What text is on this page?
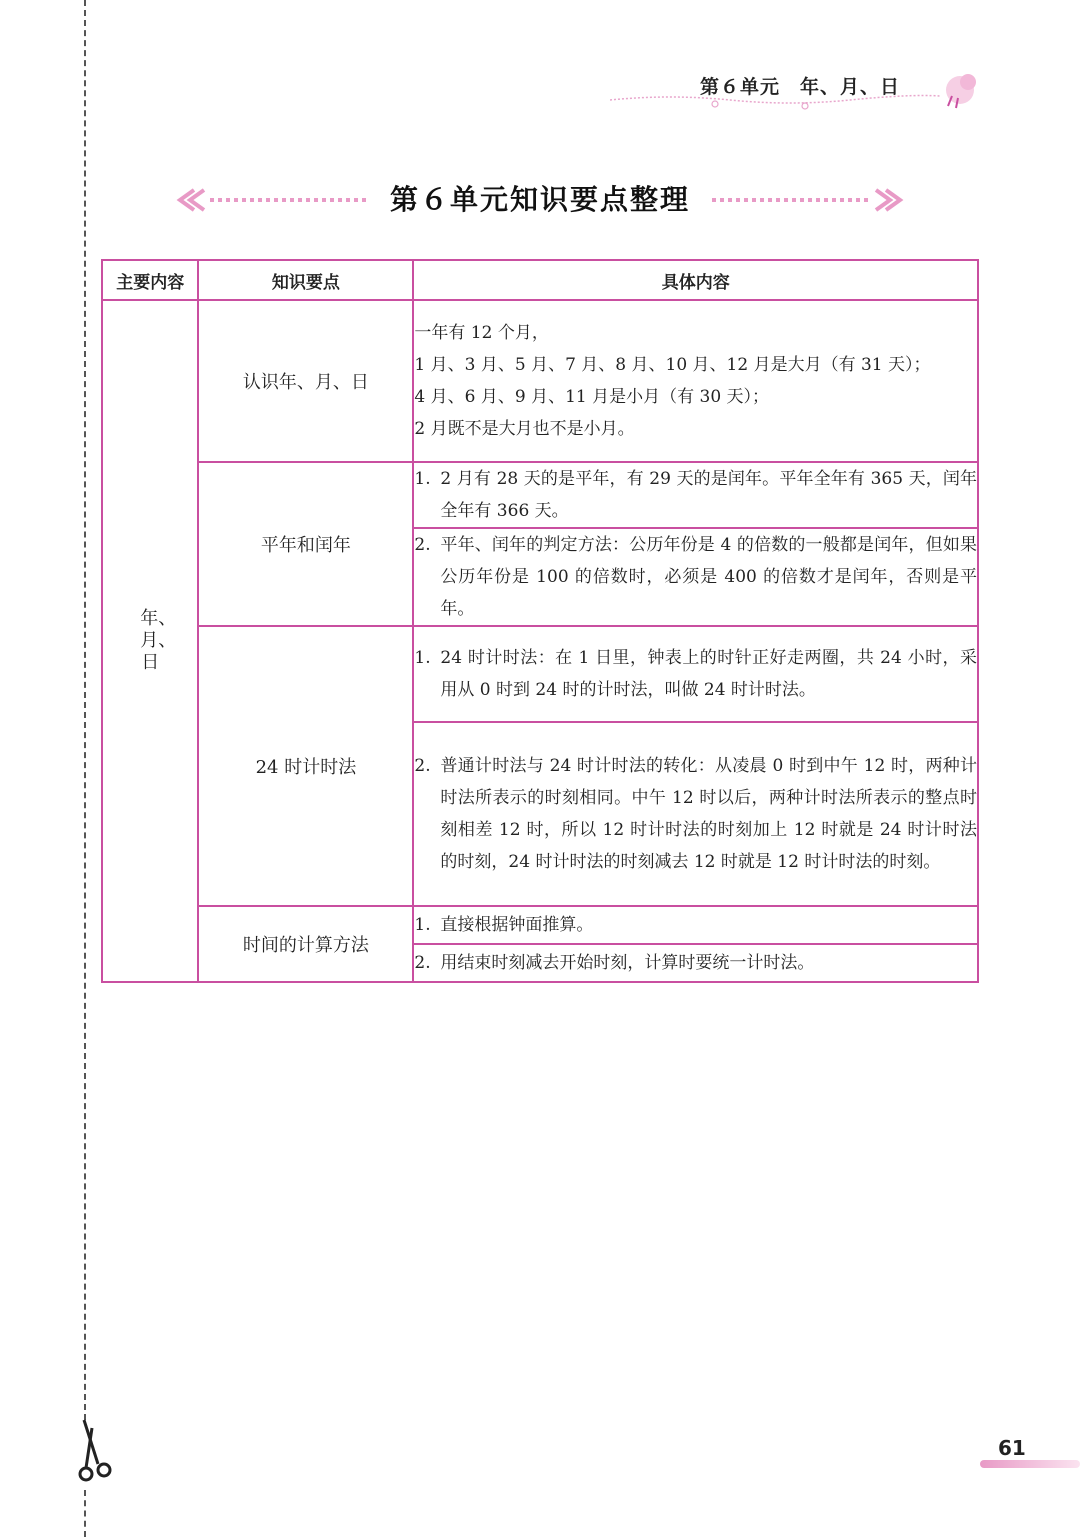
第６单元　年、月、日
第６单元知识要点整理
主要内容	知识要点	具体内容
年、月、日	认识年、月、日	一年有 12 个月，
1 月、3 月、5 月、7 月、8 月、10 月、12 月是大月（有 31 天）；
4 月、6 月、9 月、11 月是小月（有 30 天）；
2 月既不是大月也不是小月。

	平年和闰年	1. 2 月有 28 天的是平年，有 29 天的是闰年。平年全年有 365 天，闰年全年有 366 天。

		2. 平年、闰年的判定方法：公历年份是 4 的倍数的一般都是闰年，但如果公历年份是 100 的倍数时，必须是 400 的倍数才是闰年，否则是平年。

	24 时计时法	1. 24 时计时法：在 1 日里，钟表上的时针正好走两圈，共 24 小时，采用从 0 时到 24 时的计时法，叫做 24 时计时法。

		2. 普通计时法与 24 时计时法的转化：从凌晨 0 时到中午 12 时，两种计时法所表示的时刻相同。中午 12 时以后，两种计时法所表示的整点时刻相差 12 时，所以 12 时计时法的时刻加上 12 时就是 24 时计时法的时刻，24 时计时法的时刻减去 12 时就是 12 时计时法的时刻。

	时间的计算方法	1. 直接根据钟面推算。

		2. 用结束时刻减去开始时刻，计算时要统一计时法。
61
